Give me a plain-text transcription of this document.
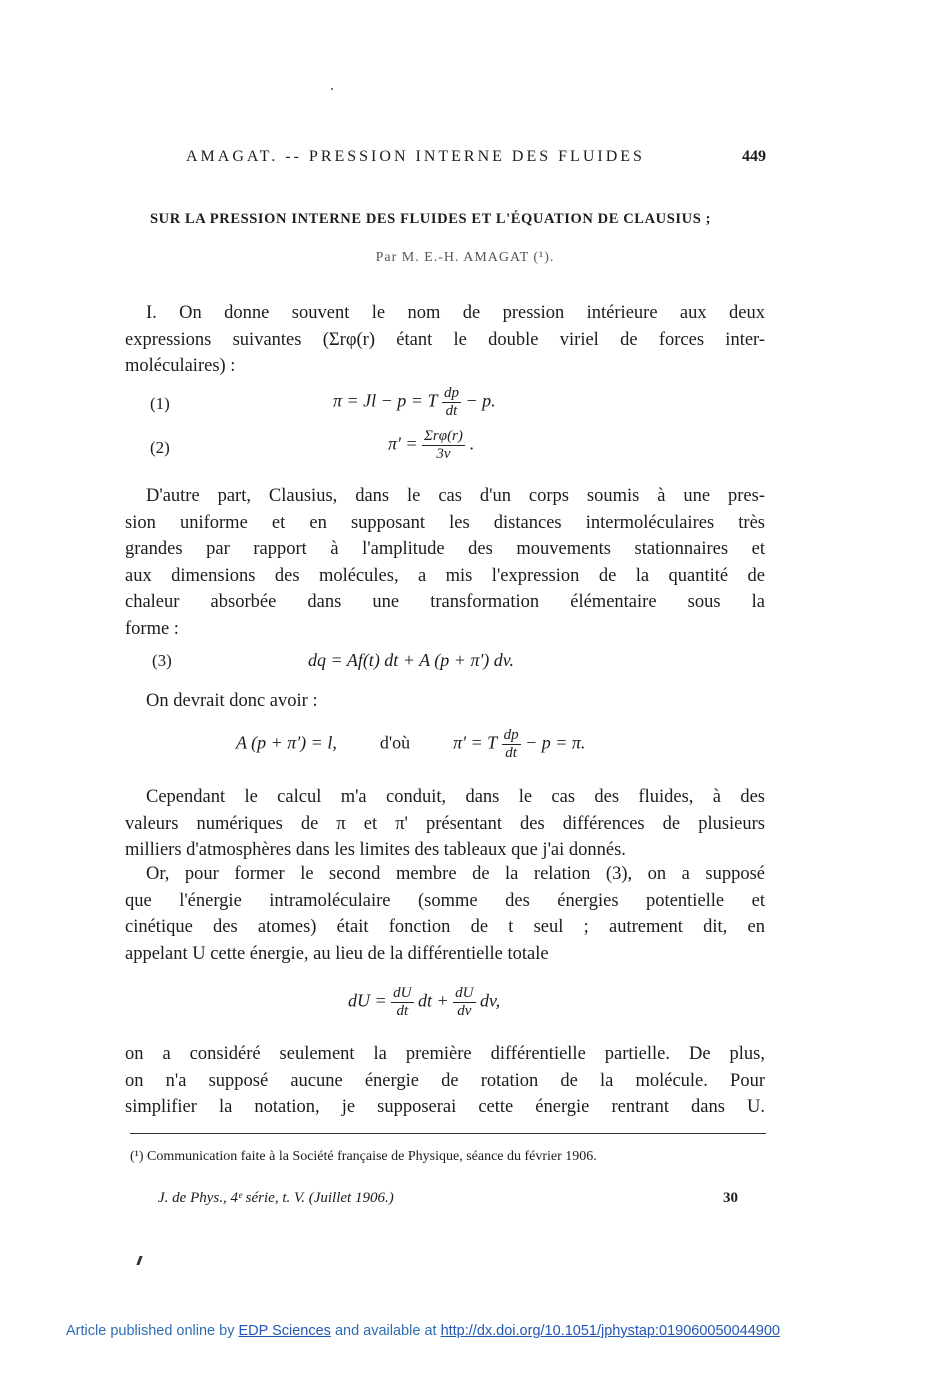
AMAGAT. -- PRESSION INTERNE DES FLUIDES	449
SUR LA PRESSION INTERNE DES FLUIDES ET L'ÉQUATION DE CLAUSIUS ;
Par M. E.-H. AMAGAT (¹).
I. On donne souvent le nom de pression intérieure aux deux
expressions suivantes (Σrφ(r) étant le double viriel de forces inter-
moléculaires) :
(1)	π = Jl − p = T $\frac{dp}{dt} - p$.
(2)	$\pi' = \frac{\text{Σrφ(r)}}{3v}$ .
D'autre part, Clausius, dans le cas d'un corps soumis à une pres-
sion uniforme et en supposant les distances intermoléculaires très
grandes par rapport à l'amplitude des mouvements stationnaires et
aux dimensions des molécules, a mis l'expression de la quantité de
chaleur absorbée dans une transformation élémentaire sous la
forme :
(3)	dq = Af(t) dt + A (p + π') dv.
On devrait donc avoir :
A (p + π') = l, d'où π' = T $\frac{dp}{dt} - p = \pi$.
Cependant le calcul m'a conduit, dans le cas des fluides, à des
valeurs numériques de π et π' présentant des différences de plusieurs
milliers d'atmosphères dans les limites des tableaux que j'ai donnés.
Or, pour former le second membre de la relation (3), on a supposé
que l'énergie intramoléculaire (somme des énergies potentielle et
cinétique des atomes) était fonction de t seul ; autrement dit, en
appelant U cette énergie, au lieu de la différentielle totale
dU = $\frac{dU}{dt}$ dt + $\frac{dU}{dv}$ dv,
on a considéré seulement la première différentielle partielle. De plus,
on n'a supposé aucune énergie de rotation de la molécule. Pour
simplifier la notation, je supposerai cette énergie rentrant dans U.
(¹) Communication faite à la Société française de Physique, séance du février 1906.
J. de Phys., 4ᵉ série, t. V. (Juillet 1906.)	30
Article published online by EDP Sciences and available at http://dx.doi.org/10.1051/jphystap:019060050044900
